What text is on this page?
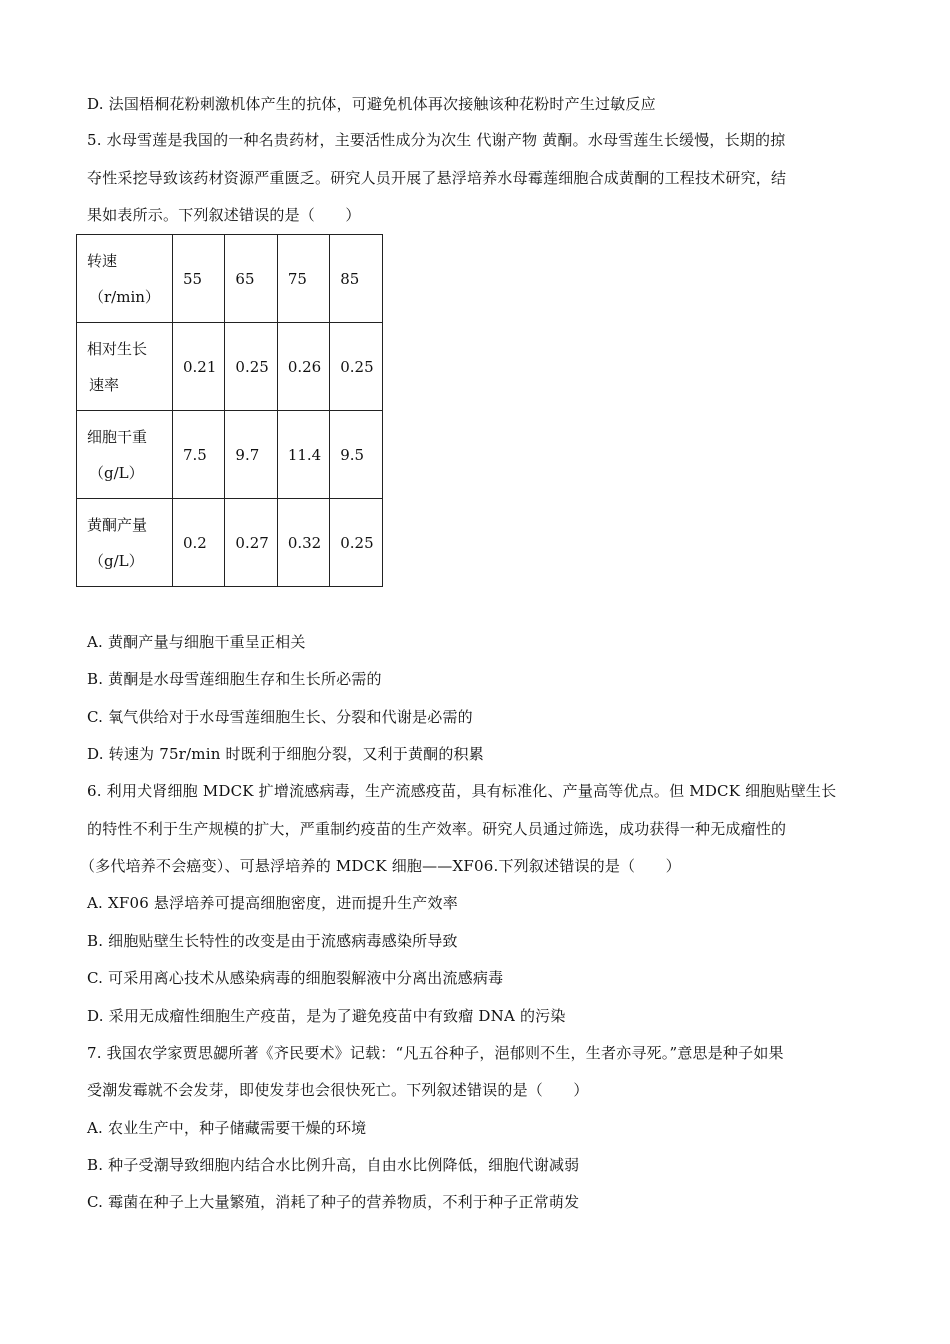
D. 法国梧桐花粉刺激机体产生的抗体，可避免机体再次接触该种花粉时产生过敏反应
5. 水母雪莲是我国的一种名贵药材，主要活性成分为次生 代谢产物 黄酮。水母雪莲生长缓慢，长期的掠
夺性采挖导致该药材资源严重匮乏。研究人员开展了悬浮培养水母霉莲细胞合成黄酮的工程技术研究，结
果如表所示。下列叙述错误的是（　　）
转速
（r/min）	55	65	75	85
相对生长
速率	0.21	0.25	0.26	0.25
细胞干重
（g/L）	7.5	9.7	11.4	9.5
黄酮产量
（g/L）	0.2	0.27	0.32	0.25
A. 黄酮产量与细胞干重呈正相关
B. 黄酮是水母雪莲细胞生存和生长所必需的
C. 氧气供给对于水母雪莲细胞生长、分裂和代谢是必需的
D. 转速为 75r/min 时既利于细胞分裂，又利于黄酮的积累
6. 利用犬肾细胞 MDCK 扩增流感病毒，生产流感疫苗，具有标准化、产量高等优点。但 MDCK 细胞贴壁生长
的特性不利于生产规模的扩大，严重制约疫苗的生产效率。研究人员通过筛选，成功获得一种无成瘤性的
（多代培养不会癌变）、可悬浮培养的 MDCK 细胞——XF06.下列叙述错误的是（　　）
A. XF06 悬浮培养可提高细胞密度，进而提升生产效率
B. 细胞贴壁生长特性的改变是由于流感病毒感染所导致
C. 可采用离心技术从感染病毒的细胞裂解液中分离出流感病毒
D. 采用无成瘤性细胞生产疫苗，是为了避免疫苗中有致瘤 DNA 的污染
7. 我国农学家贾思勰所著《齐民要术》记载：“凡五谷种子，浥郁则不生，生者亦寻死。”意思是种子如果
受潮发霉就不会发芽，即使发芽也会很快死亡。下列叙述错误的是（　　）
A. 农业生产中，种子储藏需要干燥的环境
B. 种子受潮导致细胞内结合水比例升高，自由水比例降低，细胞代谢减弱
C. 霉菌在种子上大量繁殖，消耗了种子的营养物质，不利于种子正常萌发
